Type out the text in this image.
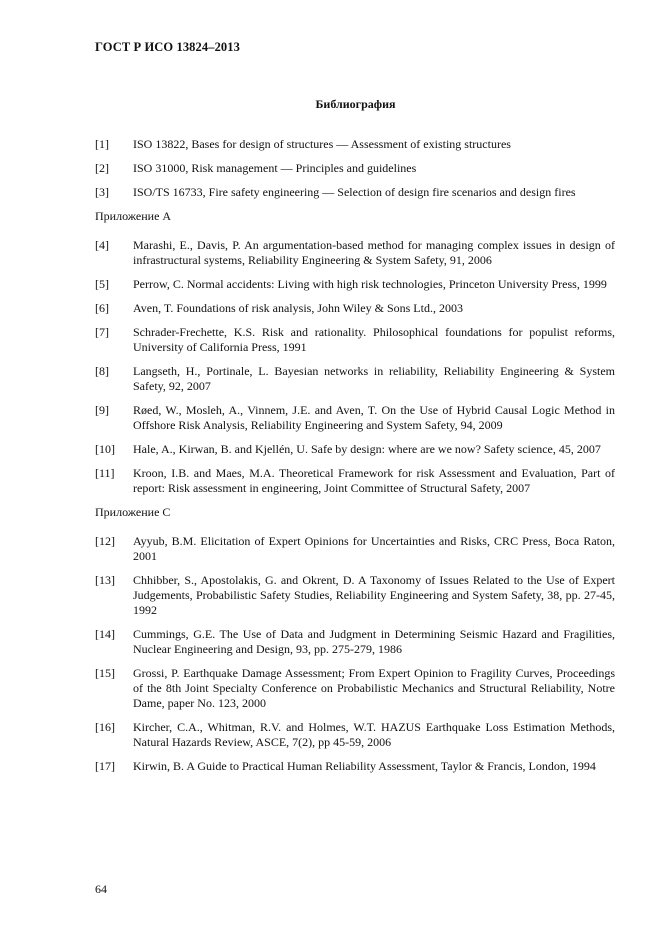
ГОСТ Р ИСО 13824–2013
Библиография
[1]	ISO 13822, Bases for design of structures — Assessment of existing structures
[2]	ISO 31000, Risk management — Principles and guidelines
[3]	ISO/TS 16733, Fire safety engineering — Selection of design fire scenarios and design fires
Приложение A
[4]	Marashi, E., Davis, P. An argumentation-based method for managing complex issues in design of infrastructural systems, Reliability Engineering & System Safety, 91, 2006
[5]	Perrow, C. Normal accidents: Living with high risk technologies, Princeton University Press, 1999
[6]	Aven, T. Foundations of risk analysis, John Wiley & Sons Ltd., 2003
[7]	Schrader-Frechette, K.S. Risk and rationality. Philosophical foundations for populist reforms, University of California Press, 1991
[8]	Langseth, H., Portinale, L. Bayesian networks in reliability, Reliability Engineering & System Safety, 92, 2007
[9]	Røed, W., Mosleh, A., Vinnem, J.E. and Aven, T. On the Use of Hybrid Causal Logic Method in Offshore Risk Analysis, Reliability Engineering and System Safety, 94, 2009
[10]	Hale, A., Kirwan, B. and Kjellén, U. Safe by design: where are we now? Safety science, 45, 2007
[11]	Kroon, I.B. and Maes, M.A. Theoretical Framework for risk Assessment and Evaluation, Part of report: Risk assessment in engineering, Joint Committee of Structural Safety, 2007
Приложение C
[12]	Ayyub, B.M. Elicitation of Expert Opinions for Uncertainties and Risks, CRC Press, Boca Raton, 2001
[13]	Chhibber, S., Apostolakis, G. and Okrent, D. A Taxonomy of Issues Related to the Use of Expert Judgements, Probabilistic Safety Studies, Reliability Engineering and System Safety, 38, pp. 27-45, 1992
[14]	Cummings, G.E. The Use of Data and Judgment in Determining Seismic Hazard and Fragilities, Nuclear Engineering and Design, 93, pp. 275-279, 1986
[15]	Grossi, P. Earthquake Damage Assessment; From Expert Opinion to Fragility Curves, Proceedings of the 8th Joint Specialty Conference on Probabilistic Mechanics and Structural Reliability, Notre Dame, paper No. 123, 2000
[16]	Kircher, C.A., Whitman, R.V. and Holmes, W.T. HAZUS Earthquake Loss Estimation Methods, Natural Hazards Review, ASCE, 7(2), pp 45-59, 2006
[17]	Kirwin, B. A Guide to Practical Human Reliability Assessment, Taylor & Francis, London, 1994
64
